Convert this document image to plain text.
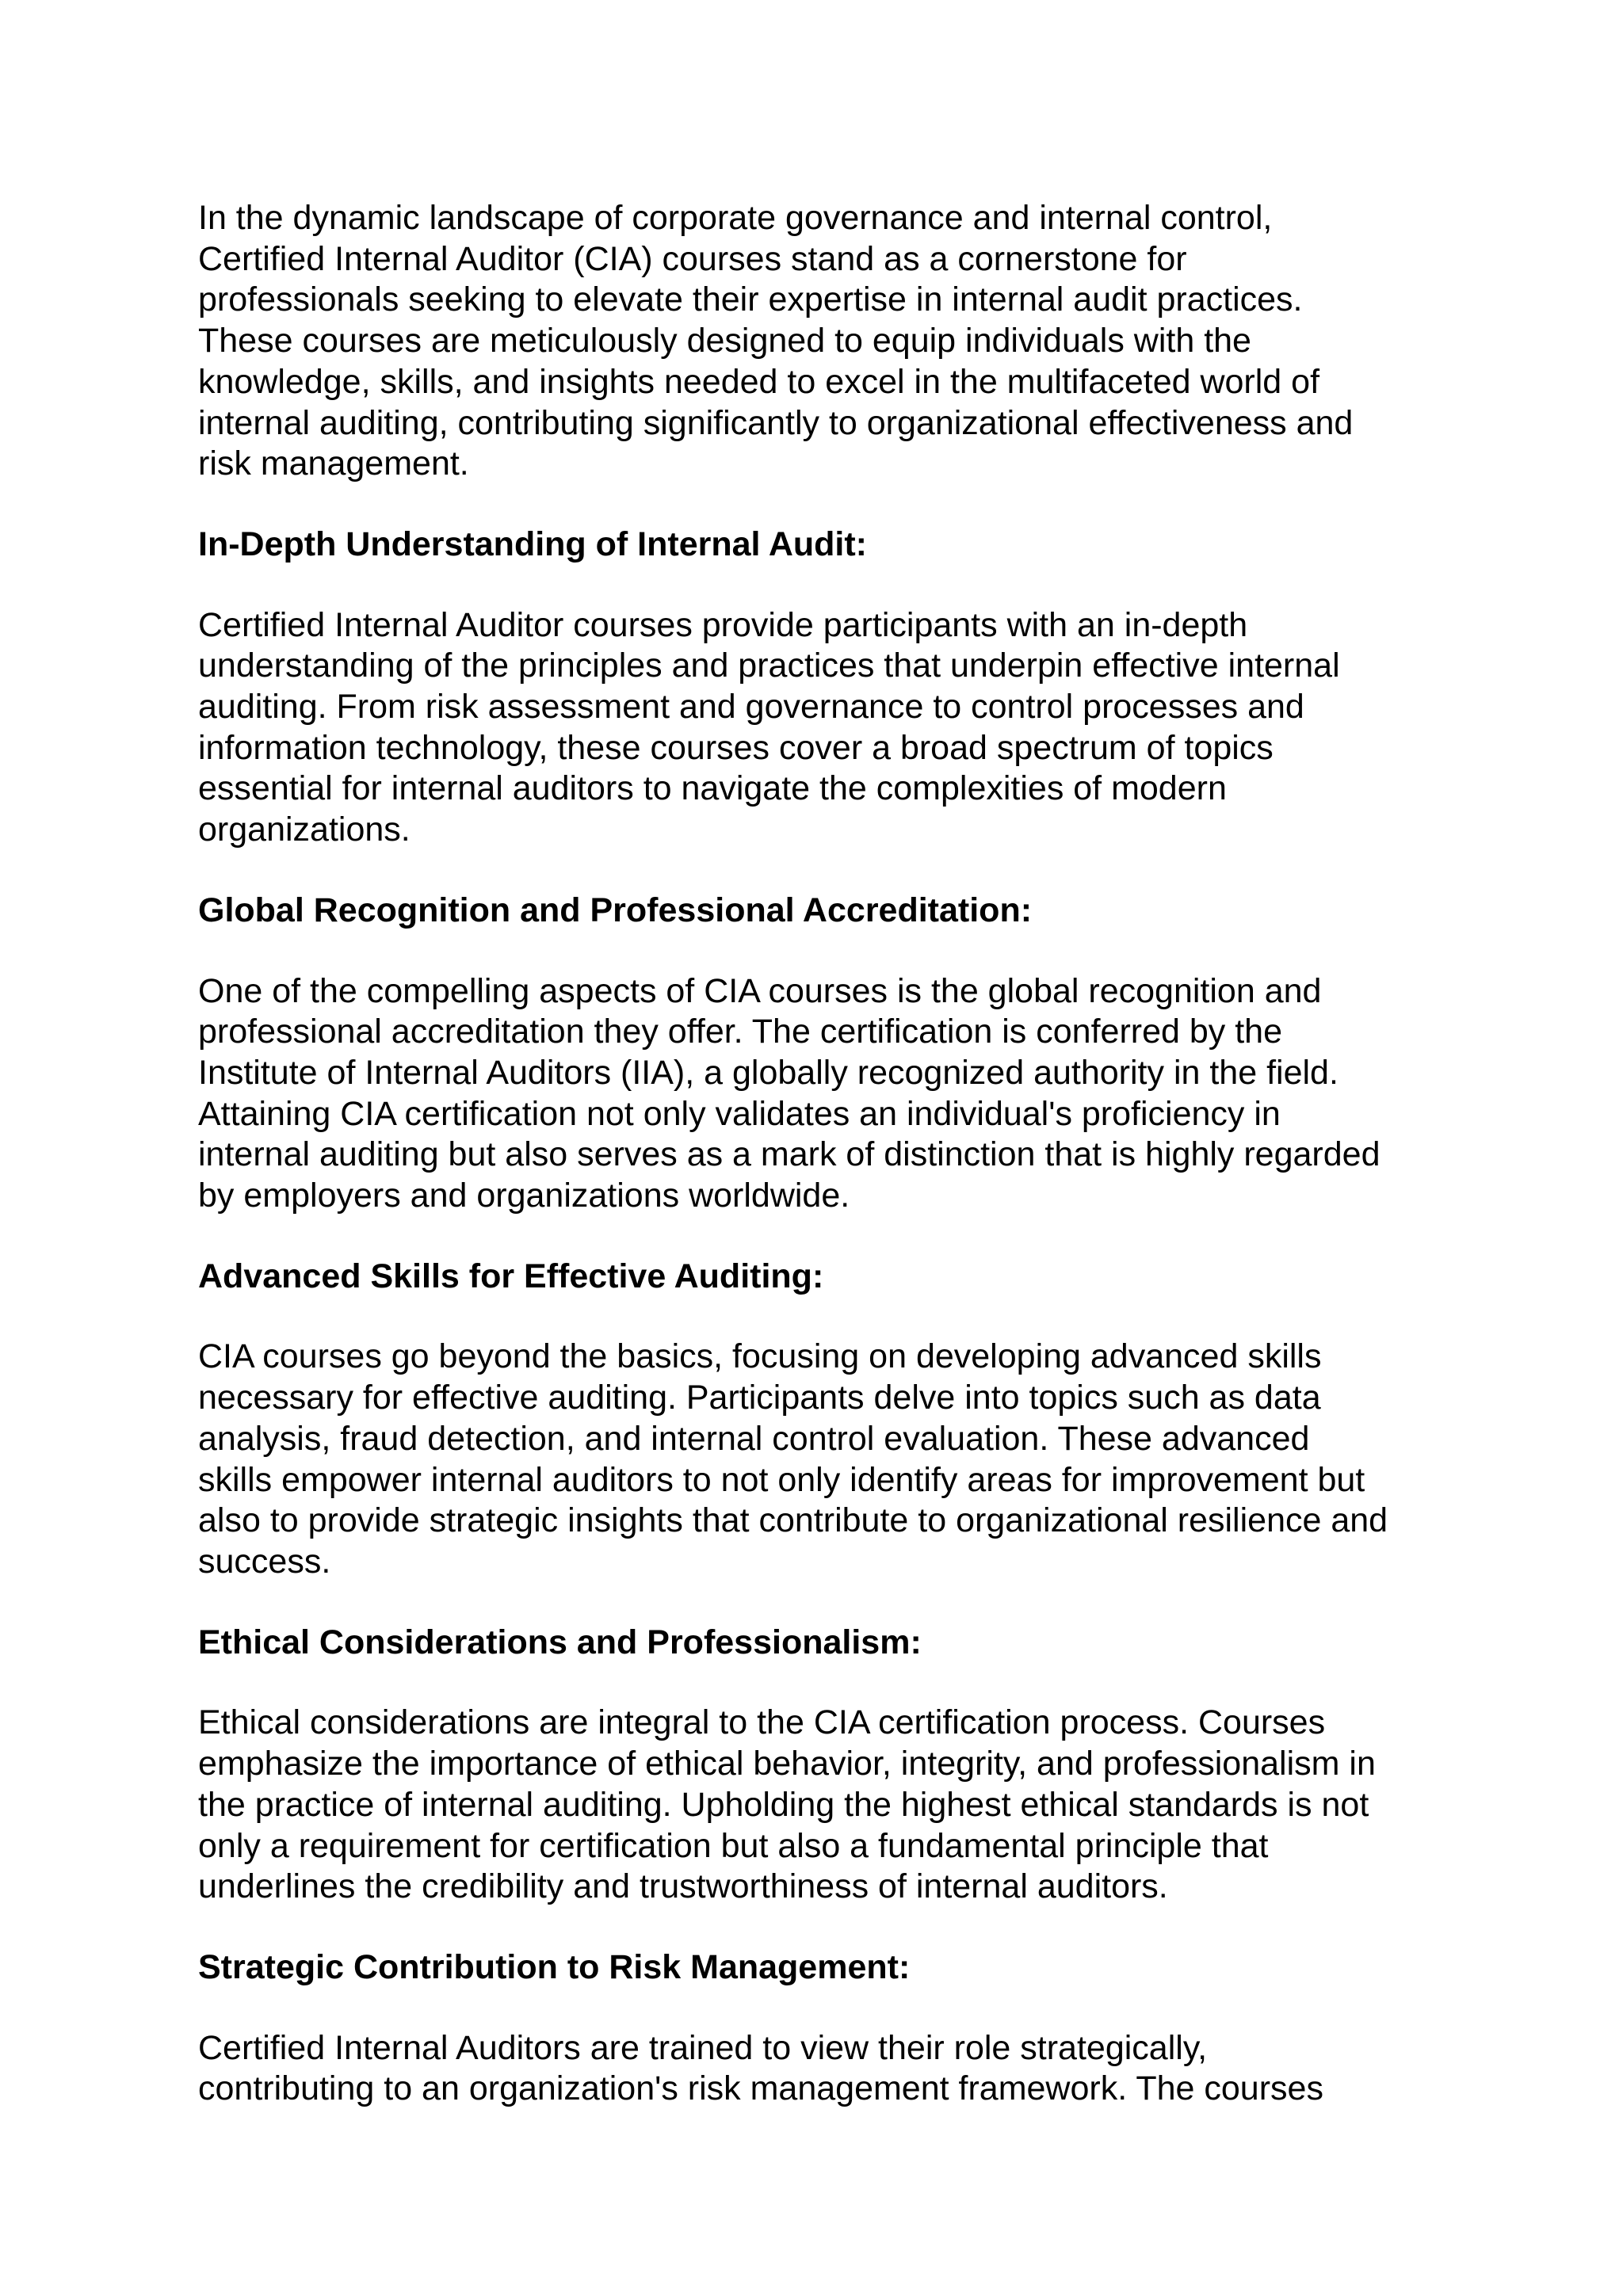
In the dynamic landscape of corporate governance and internal control,
Certified Internal Auditor (CIA) courses stand as a cornerstone for
professionals seeking to elevate their expertise in internal audit practices.
These courses are meticulously designed to equip individuals with the
knowledge, skills, and insights needed to excel in the multifaceted world of
internal auditing, contributing significantly to organizational effectiveness and
risk management.

In-Depth Understanding of Internal Audit:

Certified Internal Auditor courses provide participants with an in-depth
understanding of the principles and practices that underpin effective internal
auditing. From risk assessment and governance to control processes and
information technology, these courses cover a broad spectrum of topics
essential for internal auditors to navigate the complexities of modern
organizations.

Global Recognition and Professional Accreditation:

One of the compelling aspects of CIA courses is the global recognition and
professional accreditation they offer. The certification is conferred by the
Institute of Internal Auditors (IIA), a globally recognized authority in the field.
Attaining CIA certification not only validates an individual's proficiency in
internal auditing but also serves as a mark of distinction that is highly regarded
by employers and organizations worldwide.

Advanced Skills for Effective Auditing:

CIA courses go beyond the basics, focusing on developing advanced skills
necessary for effective auditing. Participants delve into topics such as data
analysis, fraud detection, and internal control evaluation. These advanced
skills empower internal auditors to not only identify areas for improvement but
also to provide strategic insights that contribute to organizational resilience and
success.

Ethical Considerations and Professionalism:

Ethical considerations are integral to the CIA certification process. Courses
emphasize the importance of ethical behavior, integrity, and professionalism in
the practice of internal auditing. Upholding the highest ethical standards is not
only a requirement for certification but also a fundamental principle that
underlines the credibility and trustworthiness of internal auditors.

Strategic Contribution to Risk Management:

Certified Internal Auditors are trained to view their role strategically,
contributing to an organization's risk management framework. The courses
